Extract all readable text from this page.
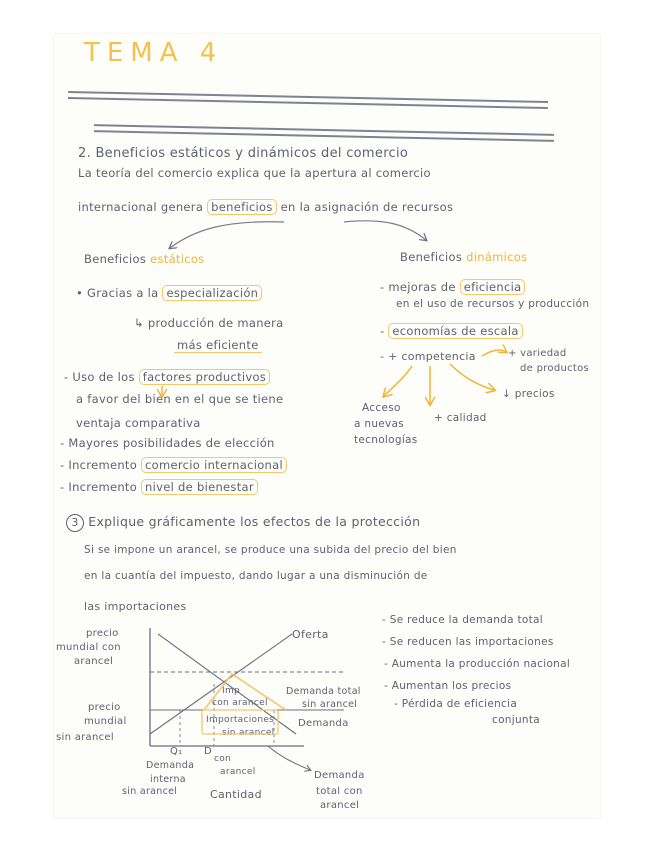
TEMA 4
2. Beneficios estáticos y dinámicos del comercio
La teoría del comercio explica que la apertura al comercio
internacional genera beneficios en la asignación de recursos
Beneficios estáticos
• Gracias a la especialización
↳ producción de manera
más eficiente
- Uso de los factores productivos
a favor del bien en el que se tiene
ventaja comparativa
- Mayores posibilidades de elección
- Incremento comercio internacional
- Incremento nivel de bienestar
Beneficios dinámicos
- mejoras de eficiencia
en el uso de recursos y producción
- economías de escala
- + competencia	+ variedad
de productos
Acceso
a nuevas
tecnologías
+ calidad
↓ precios
3 Explique gráficamente los efectos de la protección
Si se impone un arancel, se produce una subida del precio del bien
en la cuantía del impuesto, dando lugar a una disminución de
las importaciones
precio
mundial con
arancel
precio
mundial
sin arancel
Oferta
Demanda
Demanda total
sin arancel
Imp
con arancel
Importaciones
sin arancel
Q₁ D
Demanda
interna
sin arancel
con
arancel
Cantidad
Demanda
total con
arancel
- Se reduce la demanda total
- Se reducen las importaciones
- Aumenta la producción nacional
- Aumentan los precios
- Pérdida de eficiencia
conjunta
